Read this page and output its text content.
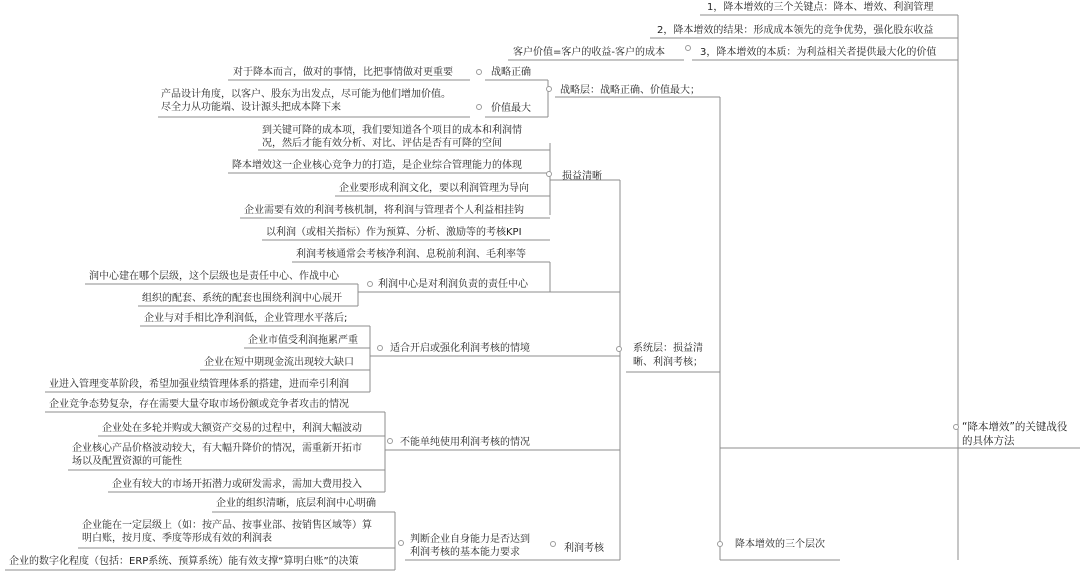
“降本增效”的关键战役的具体方法
1，降本增效的三个关键点：降本、增效、利润管理
2，降本增效的结果：形成成本领先的竞争优势，强化股东收益
3，降本增效的本质：为利益相关者提供最大化的价值
客户价值=客户的收益-客户的成本
战略层：战略正确、价值最大；
战略正确
对于降本而言，做对的事情，比把事情做对更重要
价值最大
产品设计角度，以客户、股东为出发点，尽可能为他们增加价值。
尽全力从功能端、设计源头把成本降下来
系统层：损益清
晰、利润考核；
损益清晰
到关键可降的成本项，我们要知道各个项目的成本和利润情
况，然后才能有效分析、对比、评估是否有可降的空间
降本增效这一企业核心竞争力的打造，是企业综合管理能力的体现
企业要形成利润文化，要以利润管理为导向
企业需要有效的利润考核机制，将利润与管理者个人利益相挂钩
以利润（或相关指标）作为预算、分析、激励等的考核KPI
利润中心是对利润负责的责任中心
利润考核通常会考核净利润、息税前利润、毛利率等
润中心建在哪个层级，这个层级也是责任中心、作战中心
组织的配套、系统的配套也围绕利润中心展开
适合开启或强化利润考核的情境
企业与对手相比净利润低，企业管理水平落后;
企业市值受利润拖累严重
企业在短中期现金流出现较大缺口
业进入管理变革阶段，希望加强业绩管理体系的搭建，进而牵引利润
不能单纯使用利润考核的情况
企业竞争态势复杂，存在需要大量夺取市场份额或竞争者攻击的情况
企业处在多轮并购或大额资产交易的过程中，利润大幅波动
企业核心产品价格波动较大，有大幅升降价的情况，需重新开拓市
场以及配置资源的可能性
企业有较大的市场开拓潜力或研发需求，需加大费用投入
利润考核
判断企业自身能力是否达到
利润考核的基本能力要求
企业的组织清晰，底层利润中心明确
企业能在一定层级上（如：按产品、按事业部、按销售区域等）算
明白账，按月度、季度等形成有效的利润表
企业的数字化程度（包括：ERP系统、预算系统）能有效支撑“算明白账”的决策
降本增效的三个层次
